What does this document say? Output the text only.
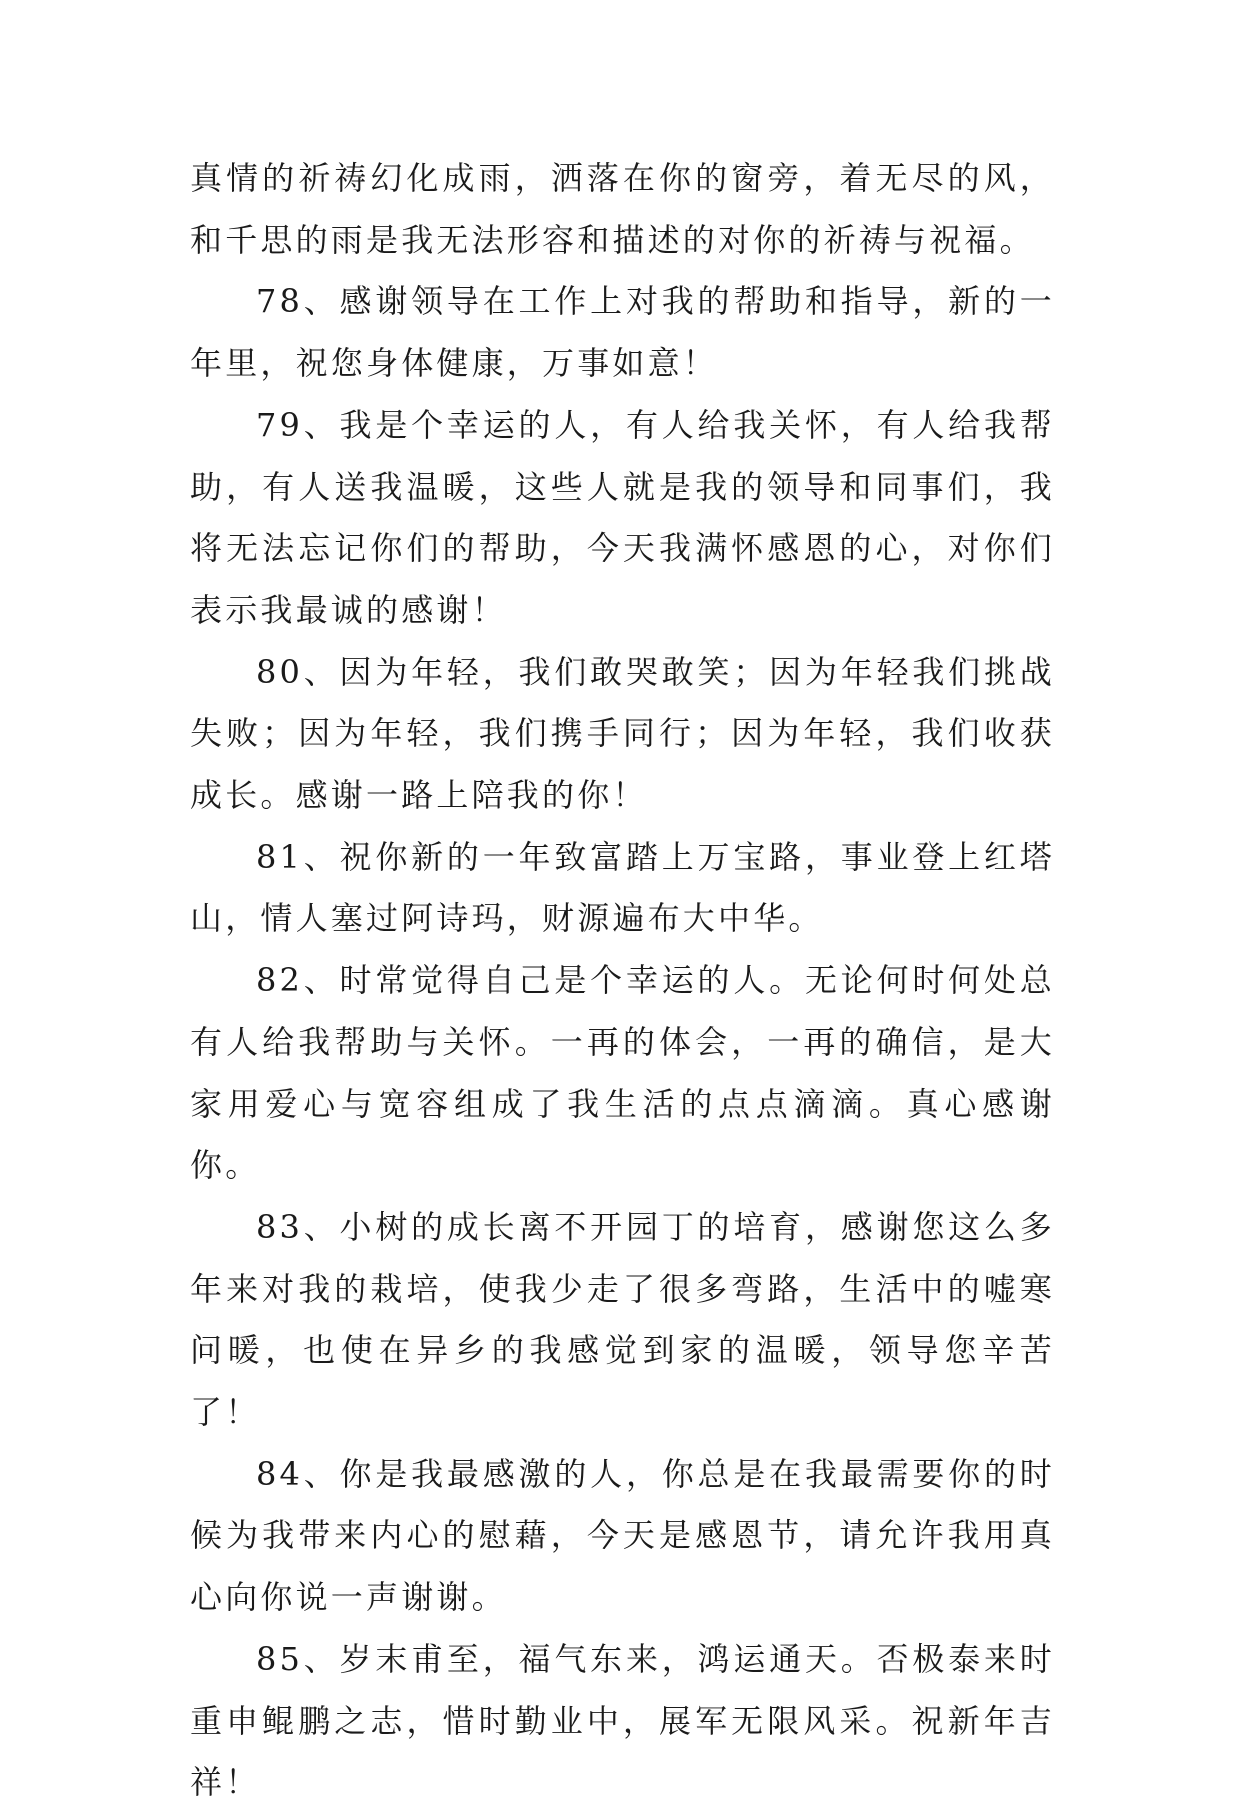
真情的祈祷幻化成雨，洒落在你的窗旁，着无尽的风，和千思的雨是我无法形容和描述的对你的祈祷与祝福。

78、感谢领导在工作上对我的帮助和指导，新的一年里，祝您身体健康，万事如意！

79、我是个幸运的人，有人给我关怀，有人给我帮助，有人送我温暖，这些人就是我的领导和同事们，我将无法忘记你们的帮助，今天我满怀感恩的心，对你们表示我最诚的感谢！

80、因为年轻，我们敢哭敢笑；因为年轻我们挑战失败；因为年轻，我们携手同行；因为年轻，我们收获成长。感谢一路上陪我的你！

81、祝你新的一年致富踏上万宝路，事业登上红塔山，情人塞过阿诗玛，财源遍布大中华。

82、时常觉得自己是个幸运的人。无论何时何处总有人给我帮助与关怀。一再的体会，一再的确信，是大家用爱心与宽容组成了我生活的点点滴滴。真心感谢你。

83、小树的成长离不开园丁的培育，感谢您这么多年来对我的栽培，使我少走了很多弯路，生活中的嘘寒问暖，也使在异乡的我感觉到家的温暖，领导您辛苦了！

84、你是我最感激的人，你总是在我最需要你的时候为我带来内心的慰藉，今天是感恩节，请允许我用真心向你说一声谢谢。

85、岁末甫至，福气东来，鸿运通天。否极泰来时重申鲲鹏之志，惜时勤业中，展军无限风采。祝新年吉祥！
